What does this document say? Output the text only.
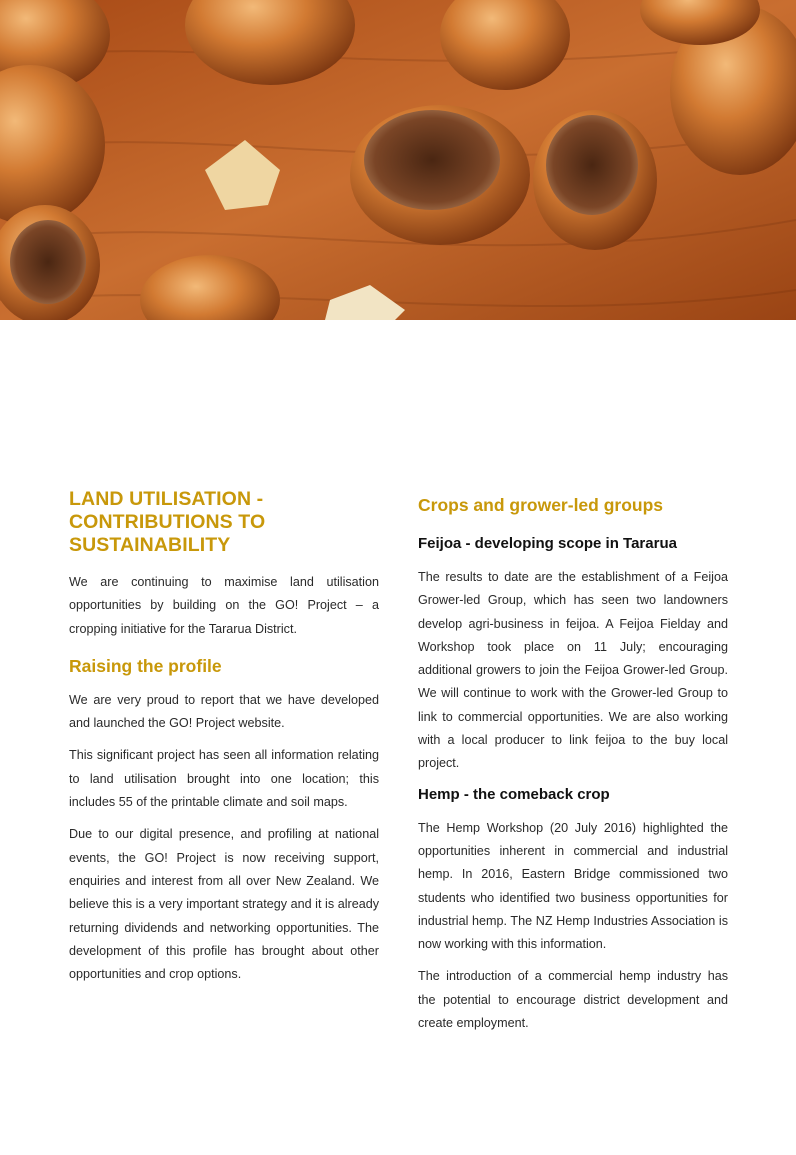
LAND UTILISATION - CONTRIBUTIONS TO SUSTAINABILITY

We are continuing to maximise land utilisation opportunities by building on the GO! Project – a cropping initiative for the Tararua District.

Raising the profile

We are very proud to report that we have developed and launched the GO! Project website.

This significant project has seen all information relating to land utilisation brought into one location; this includes 55 of the printable climate and soil maps.

Due to our digital presence, and profiling at national events, the GO! Project is now receiving support, enquiries and interest from all over New Zealand. We believe this is a very important strategy and it is already returning dividends and networking opportunities. The development of this profile has brought about other opportunities and crop options.

Crops and grower-led groups
Feijoa - developing scope in Tararua

The results to date are the establishment of a Feijoa Grower-led Group, which has seen two landowners develop agri-business in feijoa. A Feijoa Fielday and Workshop took place on 11 July; encouraging additional growers to join the Feijoa Grower-led Group. We will continue to work with the Grower-led Group to link to commercial opportunities. We are also working with a local producer to link feijoa to the buy local project.

Hemp - the comeback crop

The Hemp Workshop (20 July 2016) highlighted the opportunities inherent in commercial and industrial hemp. In 2016, Eastern Bridge commissioned two students who identified two business opportunities for industrial hemp. The NZ Hemp Industries Association is now working with this information.

The introduction of a commercial hemp industry has the potential to encourage district development and create employment.
